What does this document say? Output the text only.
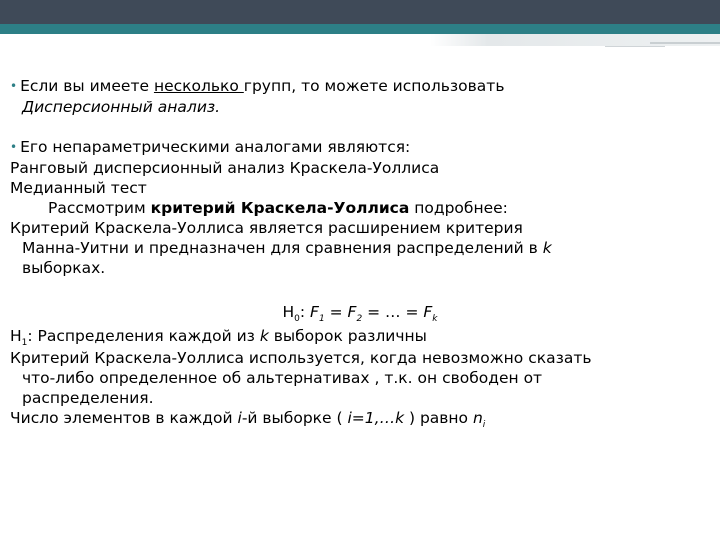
• Если вы имеете несколько групп, то можете использовать

Дисперсионный анализ.

• Его непараметрическими аналогами являются:

Ранговый дисперсионный анализ Краскела-Уоллиса

Медианный тест

Рассмотрим критерий Краскела-Уоллиса подробнее:

Критерий Краскела-Уоллиса является расширением критерия

Манна-Уитни и предназначен для сравнения распределений в k

выборках.

$H_0$: $F_1 = F_2$ = … = $F_k$

$H_1$: Распределения каждой из k выборок различны

Критерий Краскела-Уоллиса используется, когда невозможно сказать

что-либо определенное об альтернативах , т.к. он свободен от

распределения.

Число элементов в каждой i-й выборке ( i=1,…k ) равно $n_i$
